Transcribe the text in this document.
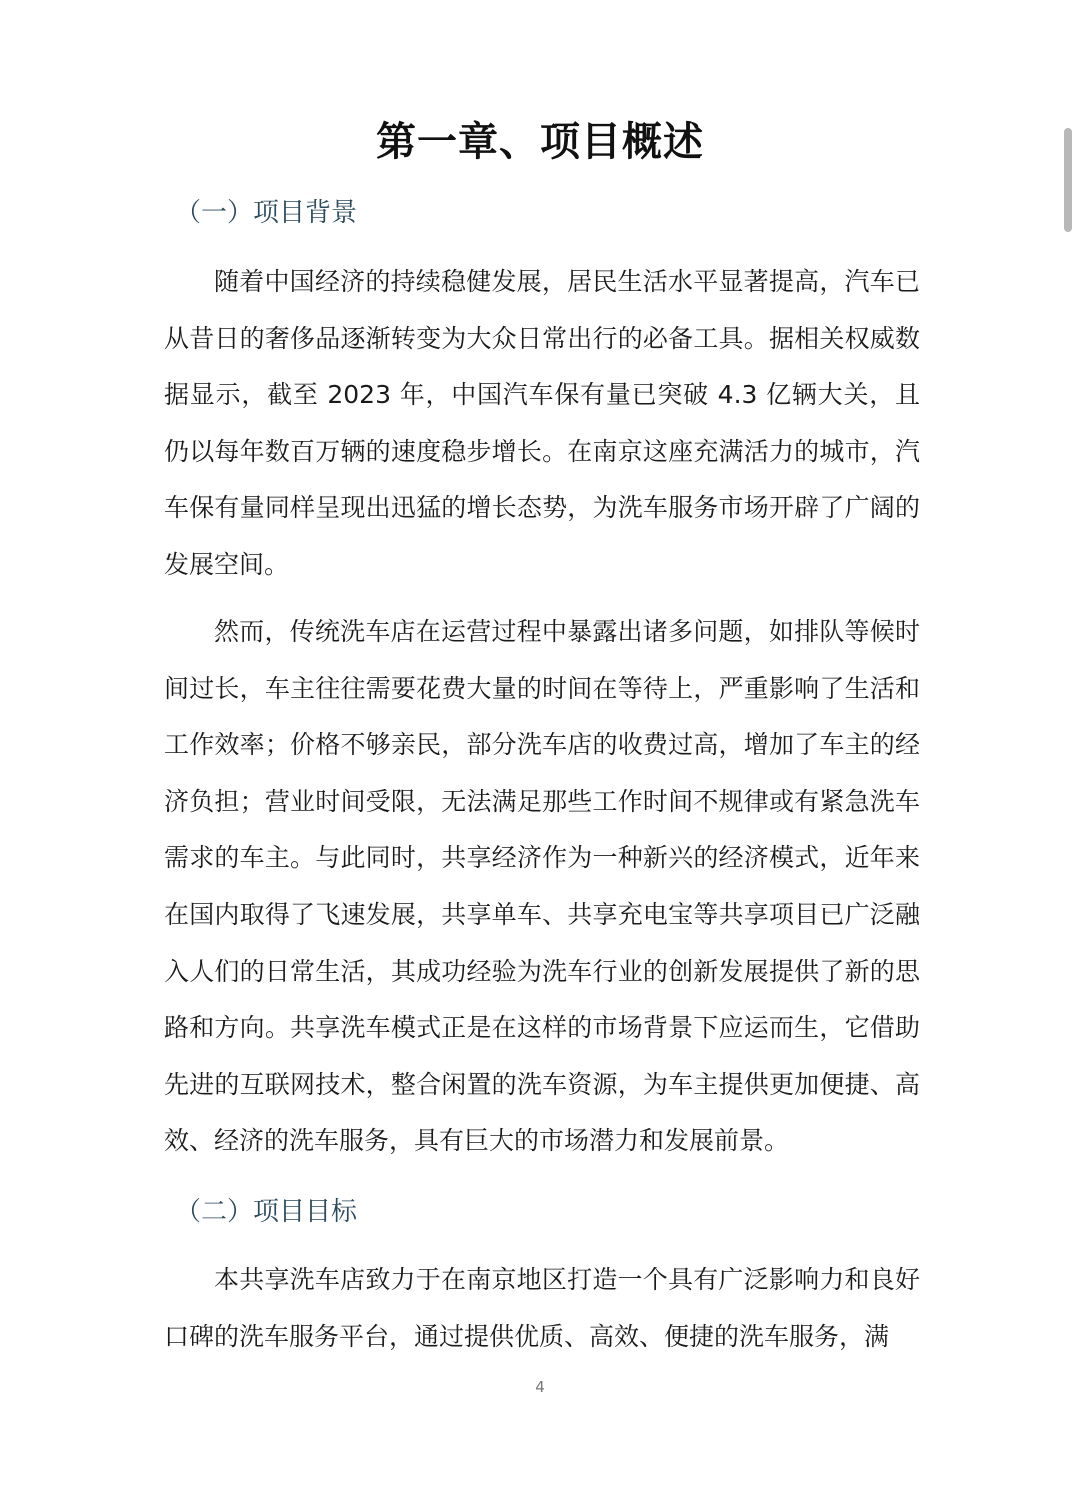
第一章、项目概述
（一）项目背景

随着中国经济的持续稳健发展，居民生活水平显著提高，汽车已从昔日的奢侈品逐渐转变为大众日常出行的必备工具。据相关权威数据显示，截至 2023 年，中国汽车保有量已突破 4.3 亿辆大关，且仍以每年数百万辆的速度稳步增长。在南京这座充满活力的城市，汽车保有量同样呈现出迅猛的增长态势，为洗车服务市场开辟了广阔的发展空间。

然而，传统洗车店在运营过程中暴露出诸多问题，如排队等候时间过长，车主往往需要花费大量的时间在等待上，严重影响了生活和工作效率；价格不够亲民，部分洗车店的收费过高，增加了车主的经济负担；营业时间受限，无法满足那些工作时间不规律或有紧急洗车需求的车主。与此同时，共享经济作为一种新兴的经济模式，近年来在国内取得了飞速发展，共享单车、共享充电宝等共享项目已广泛融入人们的日常生活，其成功经验为洗车行业的创新发展提供了新的思路和方向。共享洗车模式正是在这样的市场背景下应运而生，它借助先进的互联网技术，整合闲置的洗车资源，为车主提供更加便捷、高效、经济的洗车服务，具有巨大的市场潜力和发展前景。

（二）项目目标

本共享洗车店致力于在南京地区打造一个具有广泛影响力和良好口碑的洗车服务平台，通过提供优质、高效、便捷的洗车服务，满

4
